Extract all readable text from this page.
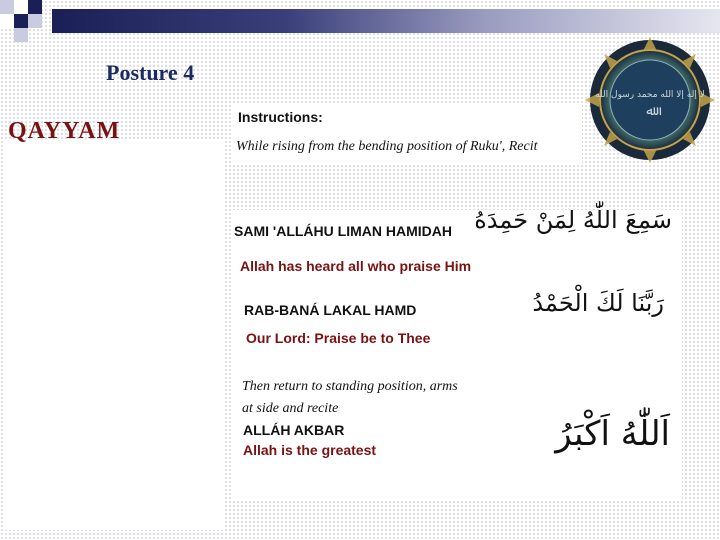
Posture 4
QAYYAM
لا إله إلا الله محمد رسول الله
ﷲ
Instructions:
While rising from the bending position of Ruku', Recit
SAMI 'ALLÁHU LIMAN HAMIDAH
Allah has heard all who praise Him
سَمِعَ اللّٰهُ لِمَنْ حَمِدَهُ
RAB-BANÁ LAKAL HAMD
Our Lord: Praise be to Thee
رَبَّنَا لَكَ الْحَمْدُ
Then return to standing position, arms
at side and recite
ALLÁH AKBAR
Allah is the greatest	اَللّٰهُ اَكْبَرُ
